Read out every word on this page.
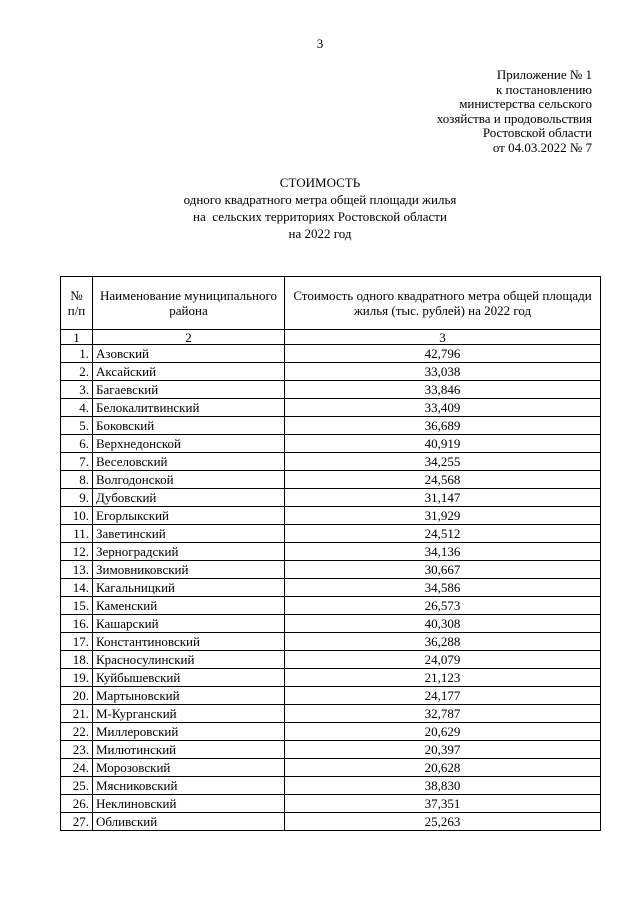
3
Приложение № 1
к постановлению
министерства сельского
хозяйства и продовольствия
Ростовской области
от 04.03.2022 № 7
СТОИМОСТЬ
одного квадратного метра общей площади жилья
на  сельских территориях Ростовской области
на 2022 год
№ п/п	Наименование муниципального района	Стоимость одного квадратного метра общей площади жилья (тыс. рублей) на 2022 год
1	2	3
1.	Азовский	42,796
2.	Аксайский	33,038
3.	Багаевский	33,846
4.	Белокалитвинский	33,409
5.	Боковский	36,689
6.	Верхнедонской	40,919
7.	Веселовский	34,255
8.	Волгодонской	24,568
9.	Дубовский	31,147
10.	Егорлыкский	31,929
11.	Заветинский	24,512
12.	Зерноградский	34,136
13.	Зимовниковский	30,667
14.	Кагальницкий	34,586
15.	Каменский	26,573
16.	Кашарский	40,308
17.	Константиновский	36,288
18.	Красносулинский	24,079
19.	Куйбышевский	21,123
20.	Мартыновский	24,177
21.	М-Курганский	32,787
22.	Миллеровский	20,629
23.	Милютинский	20,397
24.	Морозовский	20,628
25.	Мясниковский	38,830
26.	Неклиновский	37,351
27.	Обливский	25,263
